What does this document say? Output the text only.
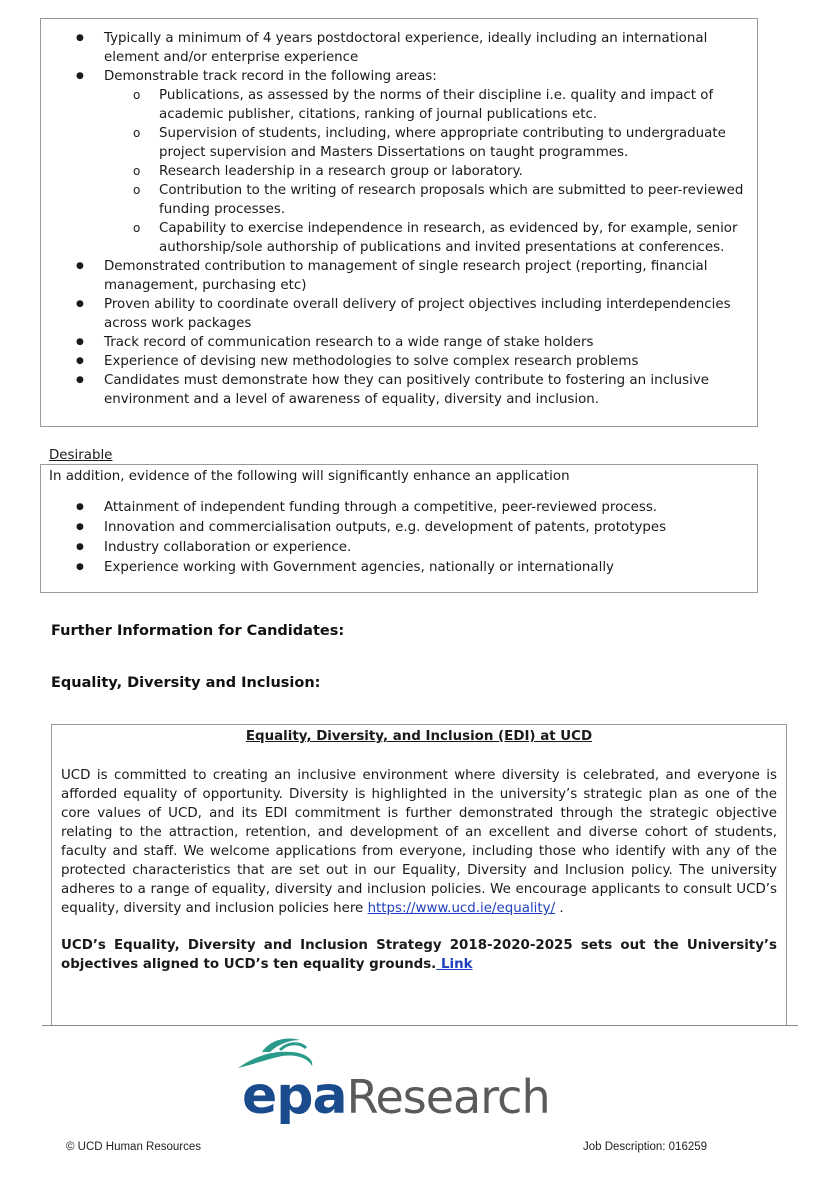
● Typically a minimum of 4 years postdoctoral experience, ideally including an international element and/or enterprise experience
● Demonstrable track record in the following areas:
o Publications, as assessed by the norms of their discipline i.e. quality and impact of academic publisher, citations, ranking of journal publications etc.
o Supervision of students, including, where appropriate contributing to undergraduate project supervision and Masters Dissertations on taught programmes.
o Research leadership in a research group or laboratory.
o Contribution to the writing of research proposals which are submitted to peer-reviewed funding processes.
o Capability to exercise independence in research, as evidenced by, for example, senior authorship/sole authorship of publications and invited presentations at conferences.
● Demonstrated contribution to management of single research project (reporting, financial management, purchasing etc)
● Proven ability to coordinate overall delivery of project objectives including interdependencies across work packages
● Track record of communication research to a wide range of stake holders
● Experience of devising new methodologies to solve complex research problems
● Candidates must demonstrate how they can positively contribute to fostering an inclusive environment and a level of awareness of equality, diversity and inclusion.
Desirable
In addition, evidence of the following will significantly enhance an application
● Attainment of independent funding through a competitive, peer-reviewed process.
● Innovation and commercialisation outputs, e.g. development of patents, prototypes
● Industry collaboration or experience.
● Experience working with Government agencies, nationally or internationally
Further Information for Candidates:
Equality, Diversity and Inclusion:
Equality, Diversity, and Inclusion (EDI) at UCD

UCD is committed to creating an inclusive environment where diversity is celebrated, and everyone is afforded equality of opportunity. Diversity is highlighted in the university’s strategic plan as one of the core values of UCD, and its EDI commitment is further demonstrated through the strategic objective relating to the attraction, retention, and development of an excellent and diverse cohort of students, faculty and staff. We welcome applications from everyone, including those who identify with any of the protected characteristics that are set out in our Equality, Diversity and Inclusion policy. The university adheres to a range of equality, diversity and inclusion policies. We encourage applicants to consult UCD’s equality, diversity and inclusion policies here https://www.ucd.ie/equality/ .

UCD’s Equality, Diversity and Inclusion Strategy 2018-2020-2025 sets out the University’s objectives aligned to UCD’s ten equality grounds. Link

epaResearch
© UCD Human Resources	Job Description: 016259
